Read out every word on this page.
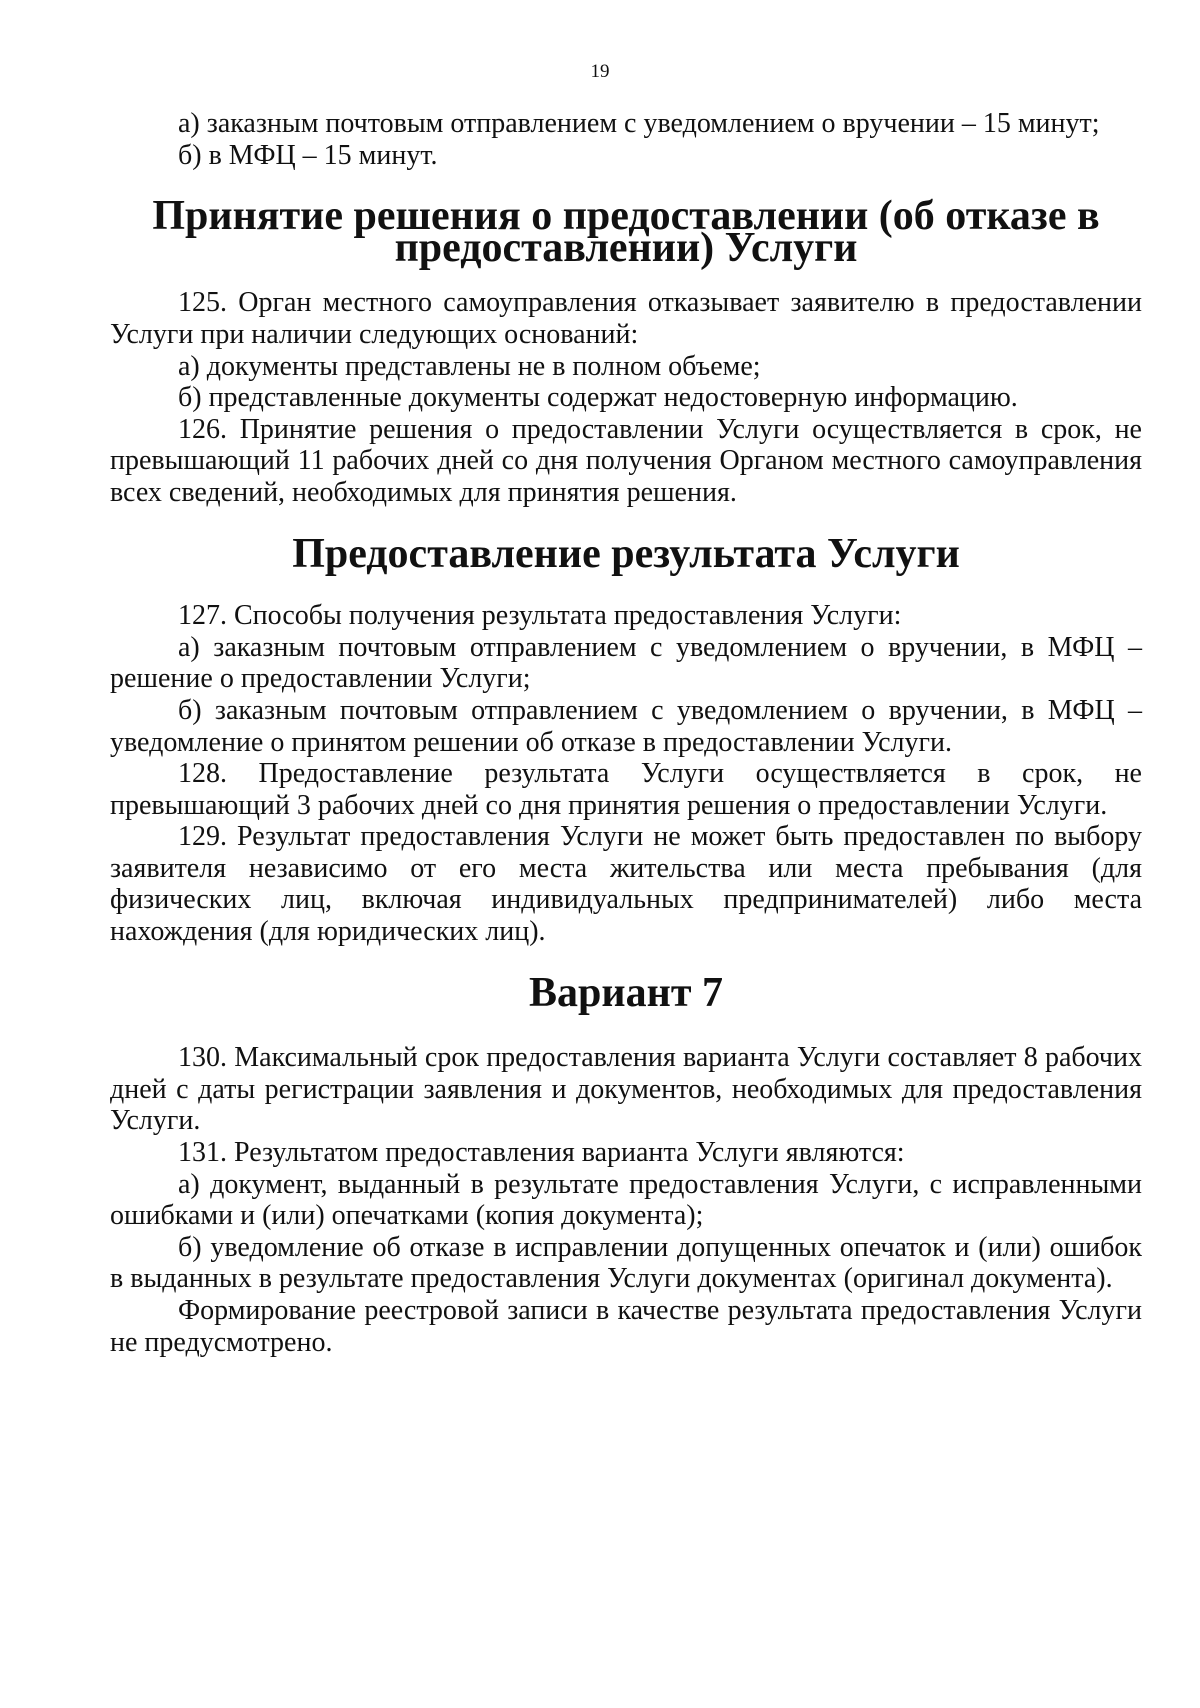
19

а) заказным почтовым отправлением с уведомлением о вручении – 15 минут;

б) в МФЦ – 15 минут.

Принятие решения о предоставлении (об отказе в предоставлении) Услуги

125. Орган местного самоуправления отказывает заявителю в предоставлении Услуги при наличии следующих оснований:

а) документы представлены не в полном объеме;

б) представленные документы содержат недостоверную информацию.

126. Принятие решения о предоставлении Услуги осуществляется в срок, не превышающий 11 рабочих дней со дня получения Органом местного самоуправления всех сведений, необходимых для принятия решения.

Предоставление результата Услуги

127. Способы получения результата предоставления Услуги:

а) заказным почтовым отправлением с уведомлением о вручении, в МФЦ – решение о предоставлении Услуги;

б) заказным почтовым отправлением с уведомлением о вручении, в МФЦ – уведомление о принятом решении об отказе в предоставлении Услуги.

128. Предоставление результата Услуги осуществляется в срок, не превышающий 3 рабочих дней со дня принятия решения о предоставлении Услуги.

129. Результат предоставления Услуги не может быть предоставлен по выбору заявителя независимо от его места жительства или места пребывания (для физических лиц, включая индивидуальных предпринимателей) либо места нахождения (для юридических лиц).

Вариант 7

130. Максимальный срок предоставления варианта Услуги составляет 8 рабочих дней с даты регистрации заявления и документов, необходимых для предоставления Услуги.

131. Результатом предоставления варианта Услуги являются:

а) документ, выданный в результате предоставления Услуги, с исправленными ошибками и (или) опечатками (копия документа);

б) уведомление об отказе в исправлении допущенных опечаток и (или) ошибок в выданных в результате предоставления Услуги документах (оригинал документа).

Формирование реестровой записи в качестве результата предоставления Услуги не предусмотрено.
